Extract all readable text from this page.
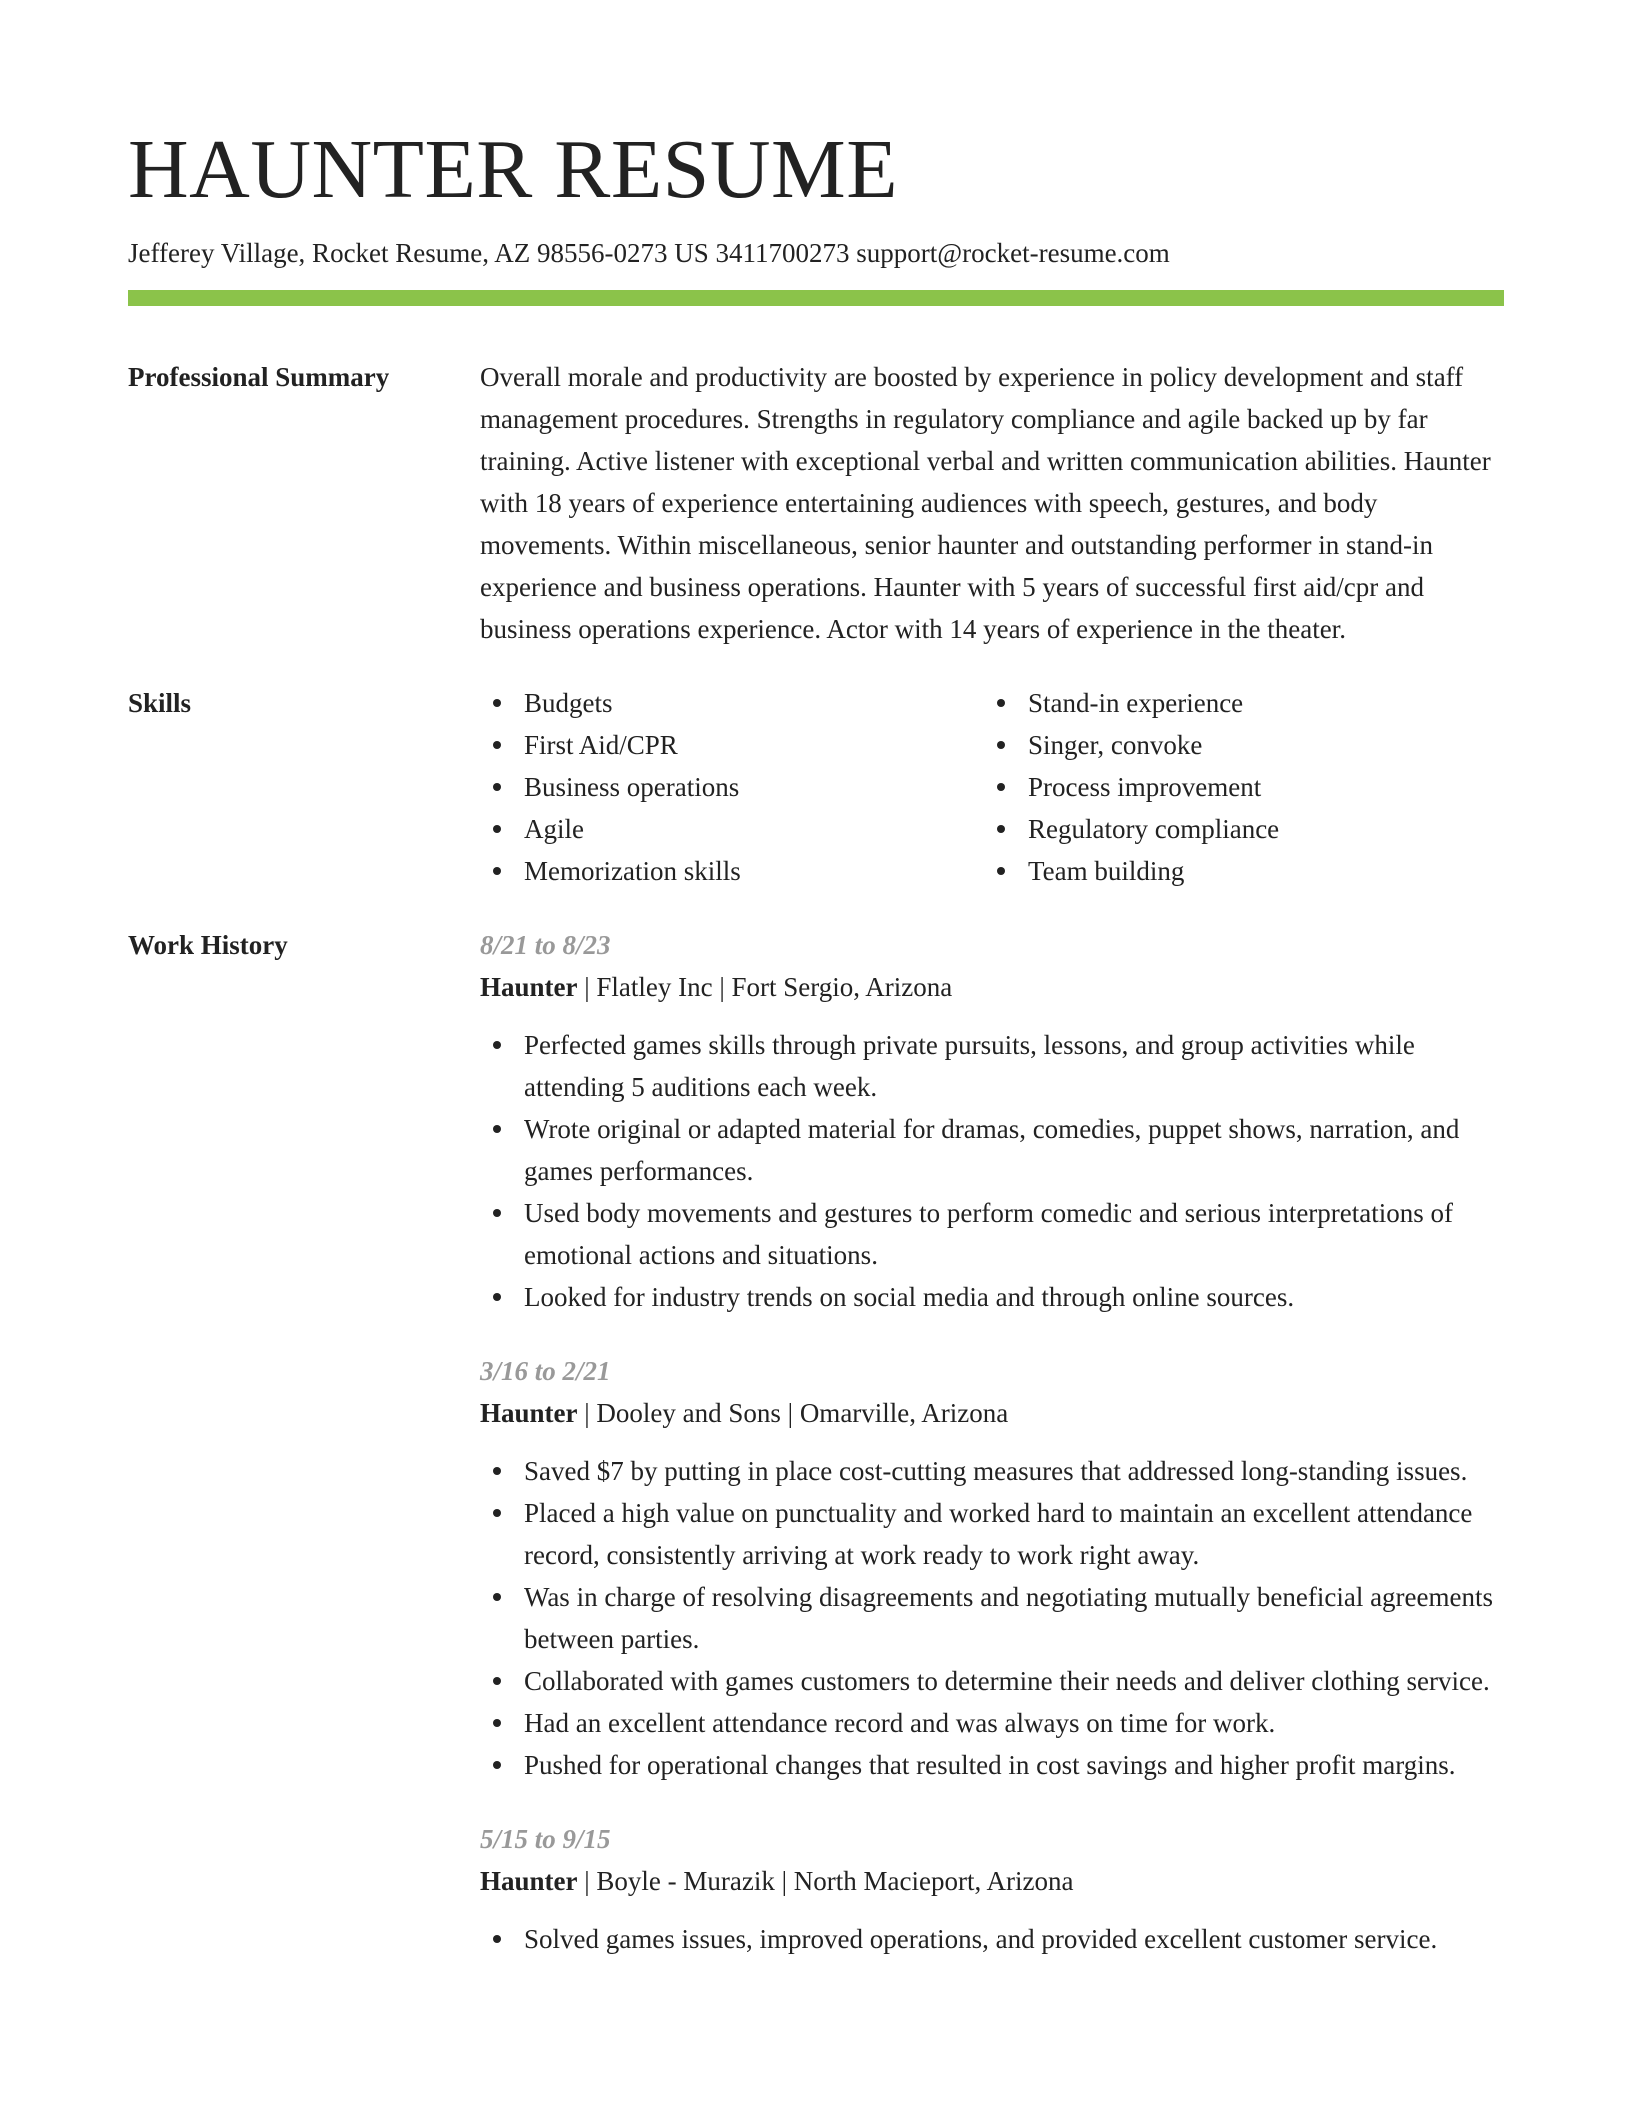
HAUNTER RESUME
Jefferey Village, Rocket Resume, AZ 98556-0273 US 3411700273 support@rocket-resume.com
Professional Summary	Overall morale and productivity are boosted by experience in policy development and staff management procedures. Strengths in regulatory compliance and agile backed up by far training. Active listener with exceptional verbal and written communication abilities. Haunter with 18 years of experience entertaining audiences with speech, gestures, and body movements. Within miscellaneous, senior haunter and outstanding performer in stand-in experience and business operations. Haunter with 5 years of successful first aid/cpr and business operations experience. Actor with 14 years of experience in the theater.

Skills	Budgets
First Aid/CPR
Business operations
Agile
Memorization skills
Stand-in experience
Singer, convoke
Process improvement
Regulatory compliance
Team building
Work History	8/21 to 8/23
Haunter | Flatley Inc | Fort Sergio, Arizona
Perfected games skills through private pursuits, lessons, and group activities while attending 5 auditions each week.
Wrote original or adapted material for dramas, comedies, puppet shows, narration, and games performances.
Used body movements and gestures to perform comedic and serious interpretations of emotional actions and situations.
Looked for industry trends on social media and through online sources.
3/16 to 2/21
Haunter | Dooley and Sons | Omarville, Arizona
Saved $7 by putting in place cost-cutting measures that addressed long-standing issues.
Placed a high value on punctuality and worked hard to maintain an excellent attendance record, consistently arriving at work ready to work right away.
Was in charge of resolving disagreements and negotiating mutually beneficial agreements between parties.
Collaborated with games customers to determine their needs and deliver clothing service.
Had an excellent attendance record and was always on time for work.
Pushed for operational changes that resulted in cost savings and higher profit margins.
5/15 to 9/15
Haunter | Boyle - Murazik | North Macieport, Arizona
Solved games issues, improved operations, and provided excellent customer service.
